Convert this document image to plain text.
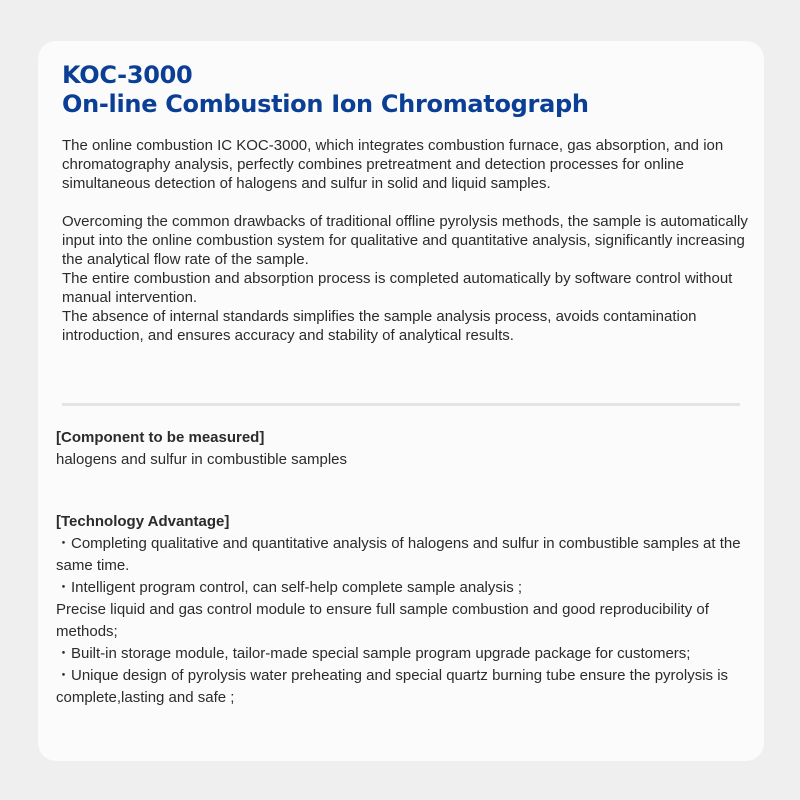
KOC-3000
On-line Combustion Ion Chromatograph

The online combustion IC KOC-3000, which integrates combustion furnace, gas absorption, and ion chromatography analysis, perfectly combines pretreatment and detection processes for online simultaneous detection of halogens and sulfur in solid and liquid samples.

Overcoming the common drawbacks of traditional offline pyrolysis methods, the sample is automatically input into the online combustion system for qualitative and quantitative analysis, significantly increasing the analytical flow rate of the sample.

The entire combustion and absorption process is completed automatically by software control without manual intervention.

The absence of internal standards simplifies the sample analysis process, avoids contamination introduction, and ensures accuracy and stability of analytical results.

[Component to be measured]

halogens and sulfur in combustible samples

[Technology Advantage]

・Completing qualitative and quantitative analysis of halogens and sulfur in combustible samples at the same time.

・Intelligent program control, can self-help complete sample analysis ;

Precise liquid and gas control module to ensure full sample combustion and good reproducibility of methods;

・Built-in storage module, tailor-made special sample program upgrade package for customers;

・Unique design of pyrolysis water preheating and special quartz burning tube ensure the pyrolysis is complete,lasting and safe ;
